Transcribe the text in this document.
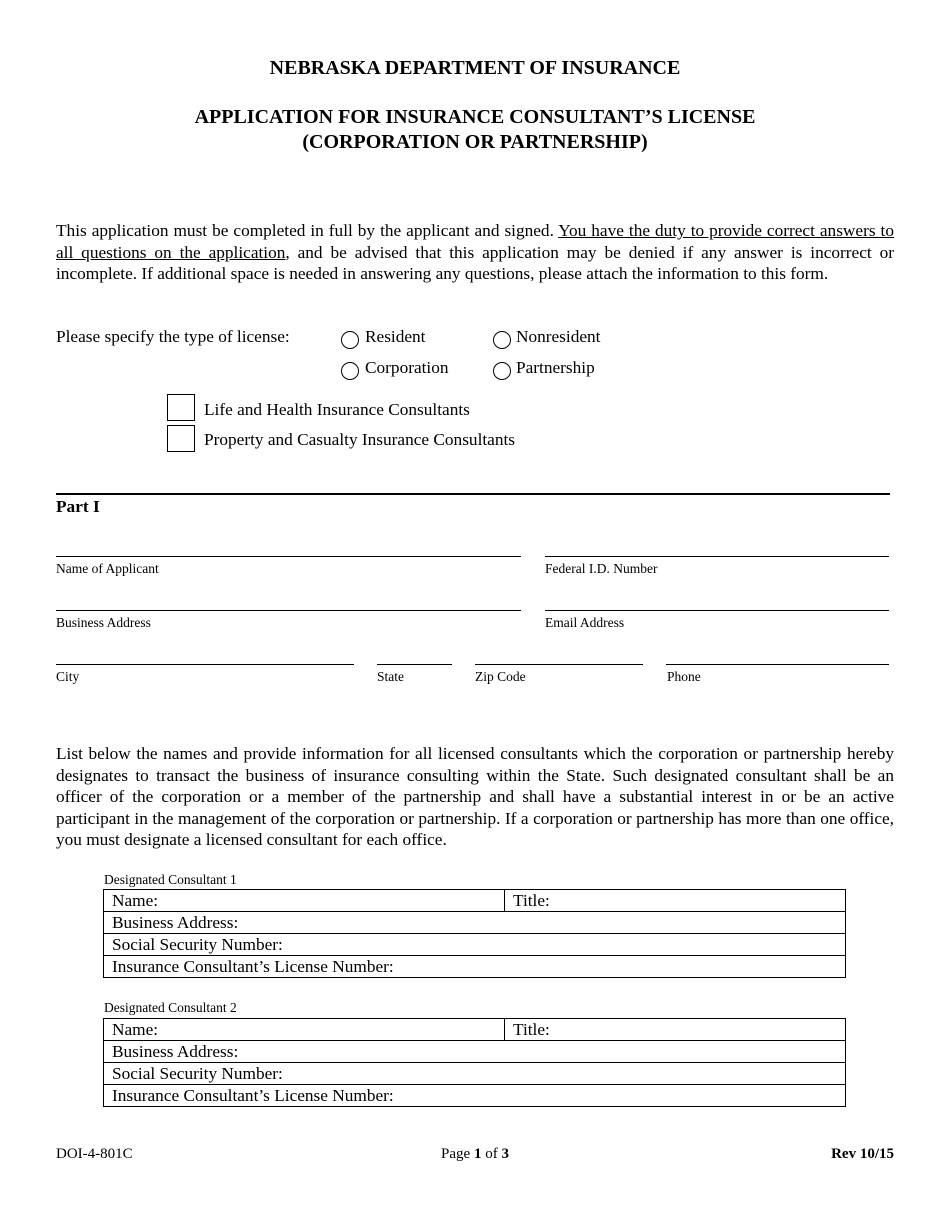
NEBRASKA DEPARTMENT OF INSURANCE
APPLICATION FOR INSURANCE CONSULTANT’S LICENSE
(CORPORATION OR PARTNERSHIP)
This application must be completed in full by the applicant and signed. You have the duty to provide correct answers to all questions on the application, and be advised that this application may be denied if any answer is incorrect or incomplete. If additional space is needed in answering any questions, please attach the information to this form.
Please specify the type of license:	Resident	Nonresident
Corporation	Partnership
Life and Health Insurance Consultants
Property and Casualty Insurance Consultants
Part I
Name of Applicant	Federal I.D. Number
Business Address	Email Address
City	State	Zip Code	Phone
List below the names and provide information for all licensed consultants which the corporation or partnership hereby designates to transact the business of insurance consulting within the State. Such designated consultant shall be an officer of the corporation or a member of the partnership and shall have a substantial interest in or be an active participant in the management of the corporation or partnership. If a corporation or partnership has more than one office, you must designate a licensed consultant for each office.
Designated Consultant 1
Name:	Title:
Business Address:
Social Security Number:
Insurance Consultant’s License Number:
Designated Consultant 2
Name:	Title:
Business Address:
Social Security Number:
Insurance Consultant’s License Number:
DOI-4-801C	Page 1 of 3	Rev 10/15
